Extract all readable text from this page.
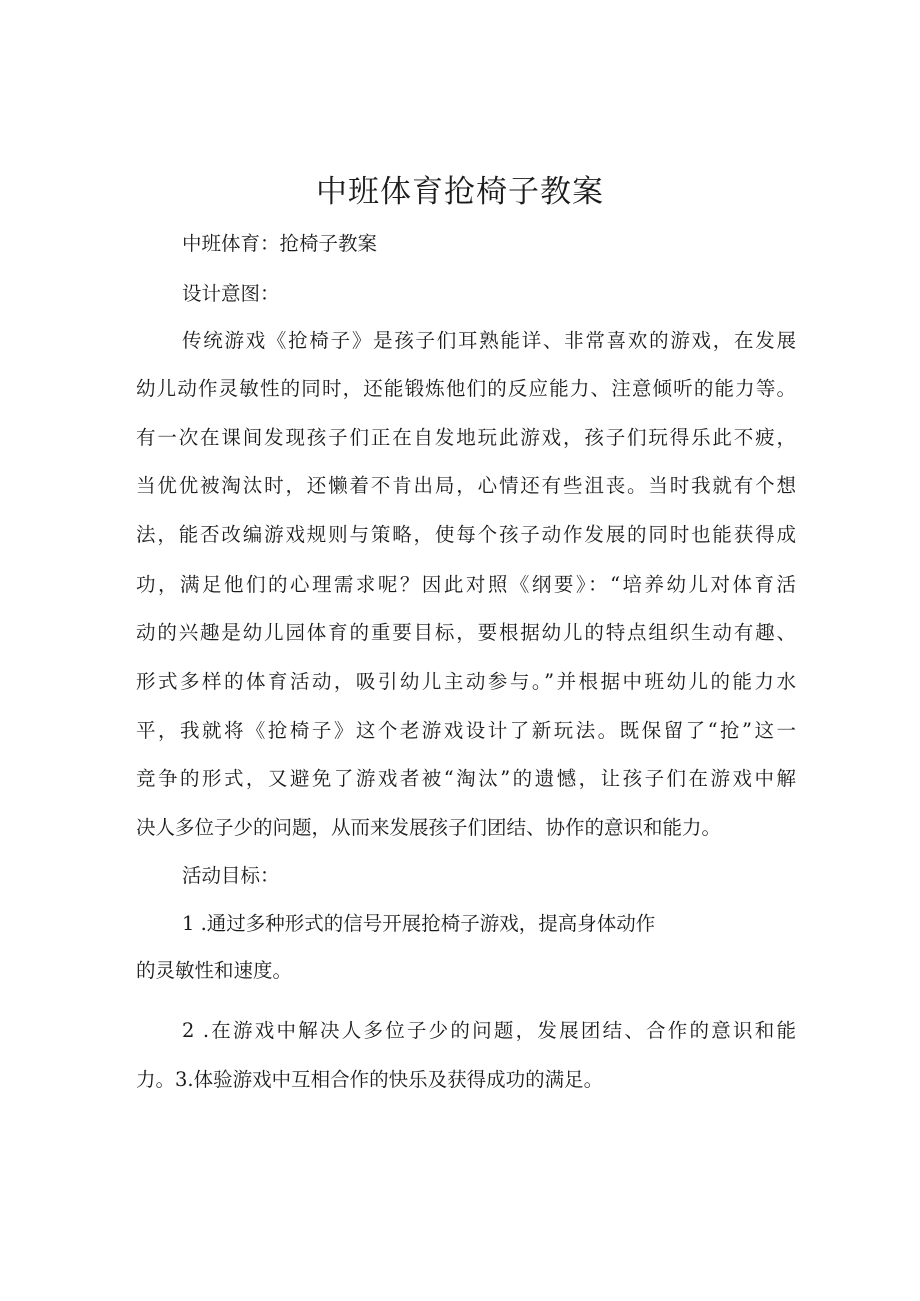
中班体育抢椅子教案

中班体育：抢椅子教案

设计意图：

传统游戏《抢椅子》是孩子们耳熟能详、非常喜欢的游戏，在发展

幼儿动作灵敏性的同时，还能锻炼他们的反应能力、注意倾听的能力等。

有一次在课间发现孩子们正在自发地玩此游戏，孩子们玩得乐此不疲，

当优优被淘汰时，还懒着不肯出局，心情还有些沮丧。当时我就有个想

法，能否改编游戏规则与策略，使每个孩子动作发展的同时也能获得成

功，满足他们的心理需求呢？因此对照《纲要》：“培养幼儿对体育活

动的兴趣是幼儿园体育的重要目标，要根据幼儿的特点组织生动有趣、

形式多样的体育活动，吸引幼儿主动参与。”并根据中班幼儿的能力水

平，我就将《抢椅子》这个老游戏设计了新玩法。既保留了“抢”这一

竞争的形式，又避免了游戏者被“淘汰”的遗憾，让孩子们在游戏中解

决人多位子少的问题，从而来发展孩子们团结、协作的意识和能力。

活动目标：

1 .通过多种形式的信号开展抢椅子游戏，提高身体动作

的灵敏性和速度。

2 .在游戏中解决人多位子少的问题，发展团结、合作的意识和能

力。3.体验游戏中互相合作的快乐及获得成功的满足。
